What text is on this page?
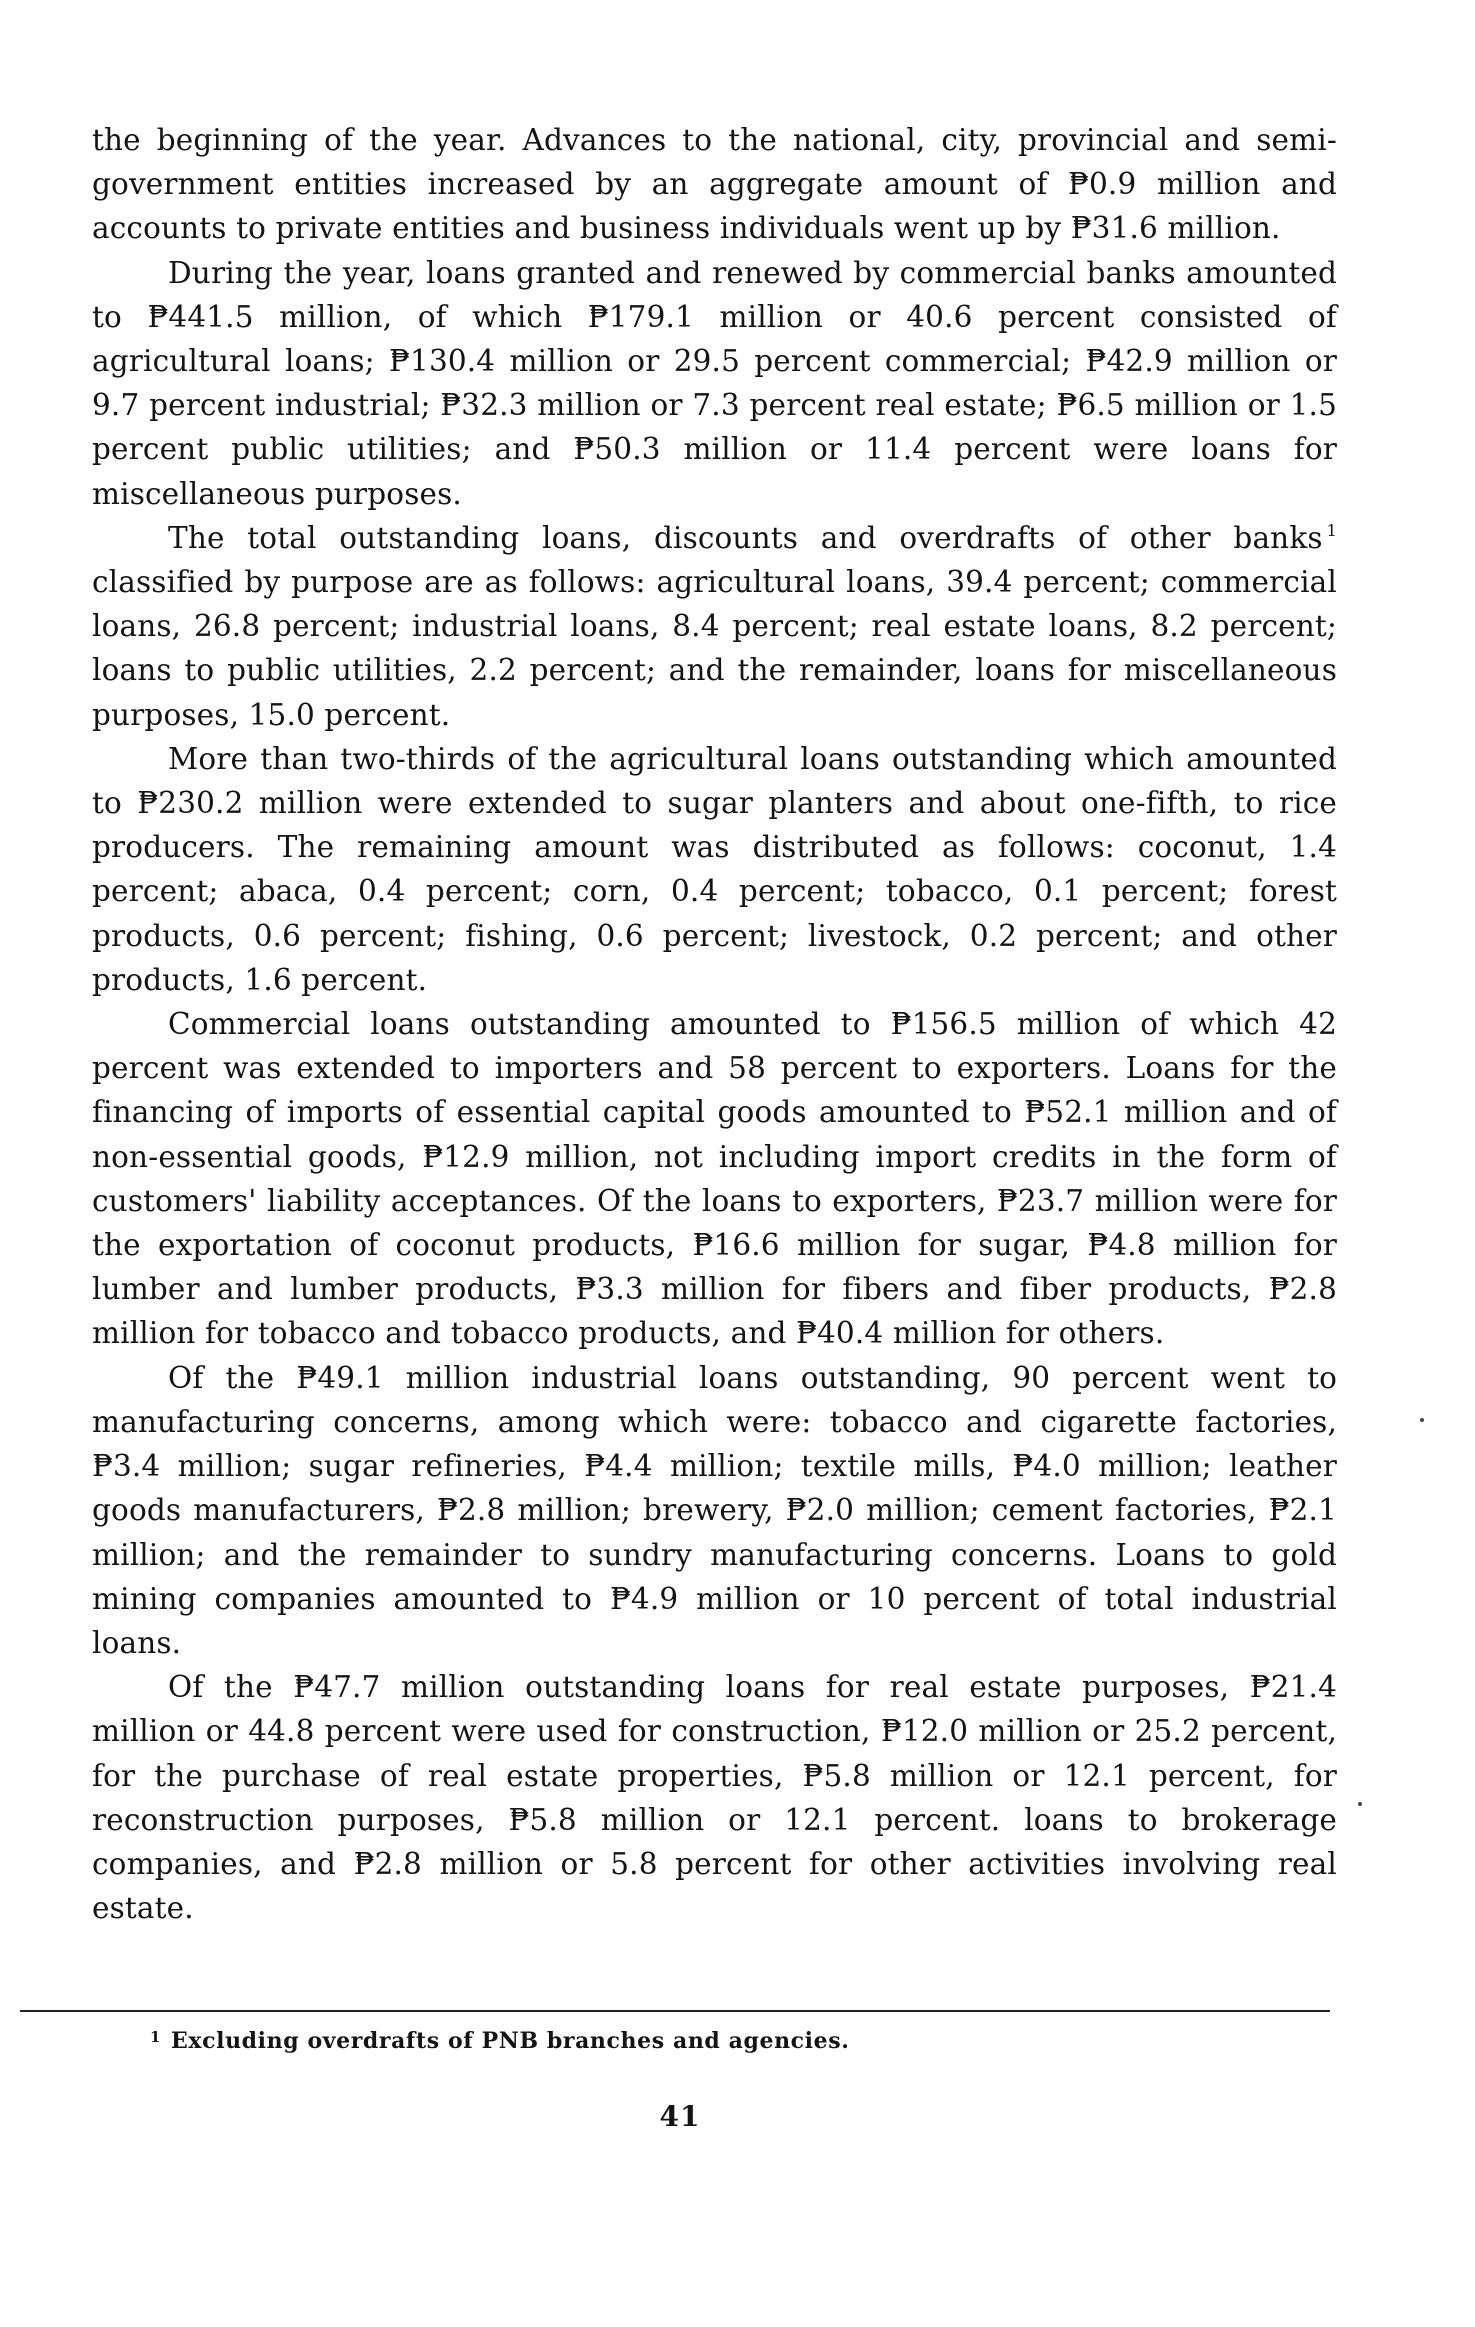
the beginning of the year. Advances to the national, city, provincial and semi-government entities increased by an aggregate amount of ₱0.9 million and accounts to private entities and business individuals went up by ₱31.6 million.

During the year, loans granted and renewed by commercial banks amounted to ₱441.5 million, of which ₱179.1 million or 40.6 percent consisted of agricultural loans; ₱130.4 million or 29.5 percent commercial; ₱42.9 million or 9.7 percent industrial; ₱32.3 million or 7.3 percent real estate; ₱6.5 million or 1.5 percent public utilities; and ₱50.3 million or 11.4 percent were loans for miscellaneous purposes.

The total outstanding loans, discounts and overdrafts of other banks $^1$ classified by purpose are as follows: agricultural loans, 39.4 percent; commercial loans, 26.8 percent; industrial loans, 8.4 percent; real estate loans, 8.2 percent; loans to public utilities, 2.2 percent; and the remainder, loans for miscellaneous purposes, 15.0 percent.

More than two-thirds of the agricultural loans outstanding which amounted to ₱230.2 million were extended to sugar planters and about one-fifth, to rice producers. The remaining amount was distributed as follows: coconut, 1.4 percent; abaca, 0.4 percent; corn, 0.4 percent; tobacco, 0.1 percent; forest products, 0.6 percent; fishing, 0.6 percent; livestock, 0.2 percent; and other products, 1.6 percent.

Commercial loans outstanding amounted to ₱156.5 million of which 42 percent was extended to importers and 58 percent to exporters. Loans for the financing of imports of essential capital goods amounted to ₱52.1 million and of non-essential goods, ₱12.9 million, not including import credits in the form of customers' liability acceptances. Of the loans to exporters, ₱23.7 million were for the exportation of coconut products, ₱16.6 million for sugar, ₱4.8 million for lumber and lumber products, ₱3.3 million for fibers and fiber products, ₱2.8 million for tobacco and tobacco products, and ₱40.4 million for others.

Of the ₱49.1 million industrial loans outstanding, 90 percent went to manufacturing concerns, among which were: tobacco and cigarette factories, ₱3.4 million; sugar refineries, ₱4.4 million; textile mills, ₱4.0 million; leather goods manufacturers, ₱2.8 million; brewery, ₱2.0 million; cement factories, ₱2.1 million; and the remainder to sundry manufacturing concerns. Loans to gold mining companies amounted to ₱4.9 million or 10 percent of total industrial loans.

Of the ₱47.7 million outstanding loans for real estate purposes, ₱21.4 million or 44.8 percent were used for construction, ₱12.0 million or 25.2 percent, for the purchase of real estate properties, ₱5.8 million or 12.1 percent, for reconstruction purposes, ₱5.8 million or 12.1 percent. loans to brokerage companies, and ₱2.8 million or 5.8 percent for other activities involving real estate.

$^1$ Excluding overdrafts of PNB branches and agencies.
41
